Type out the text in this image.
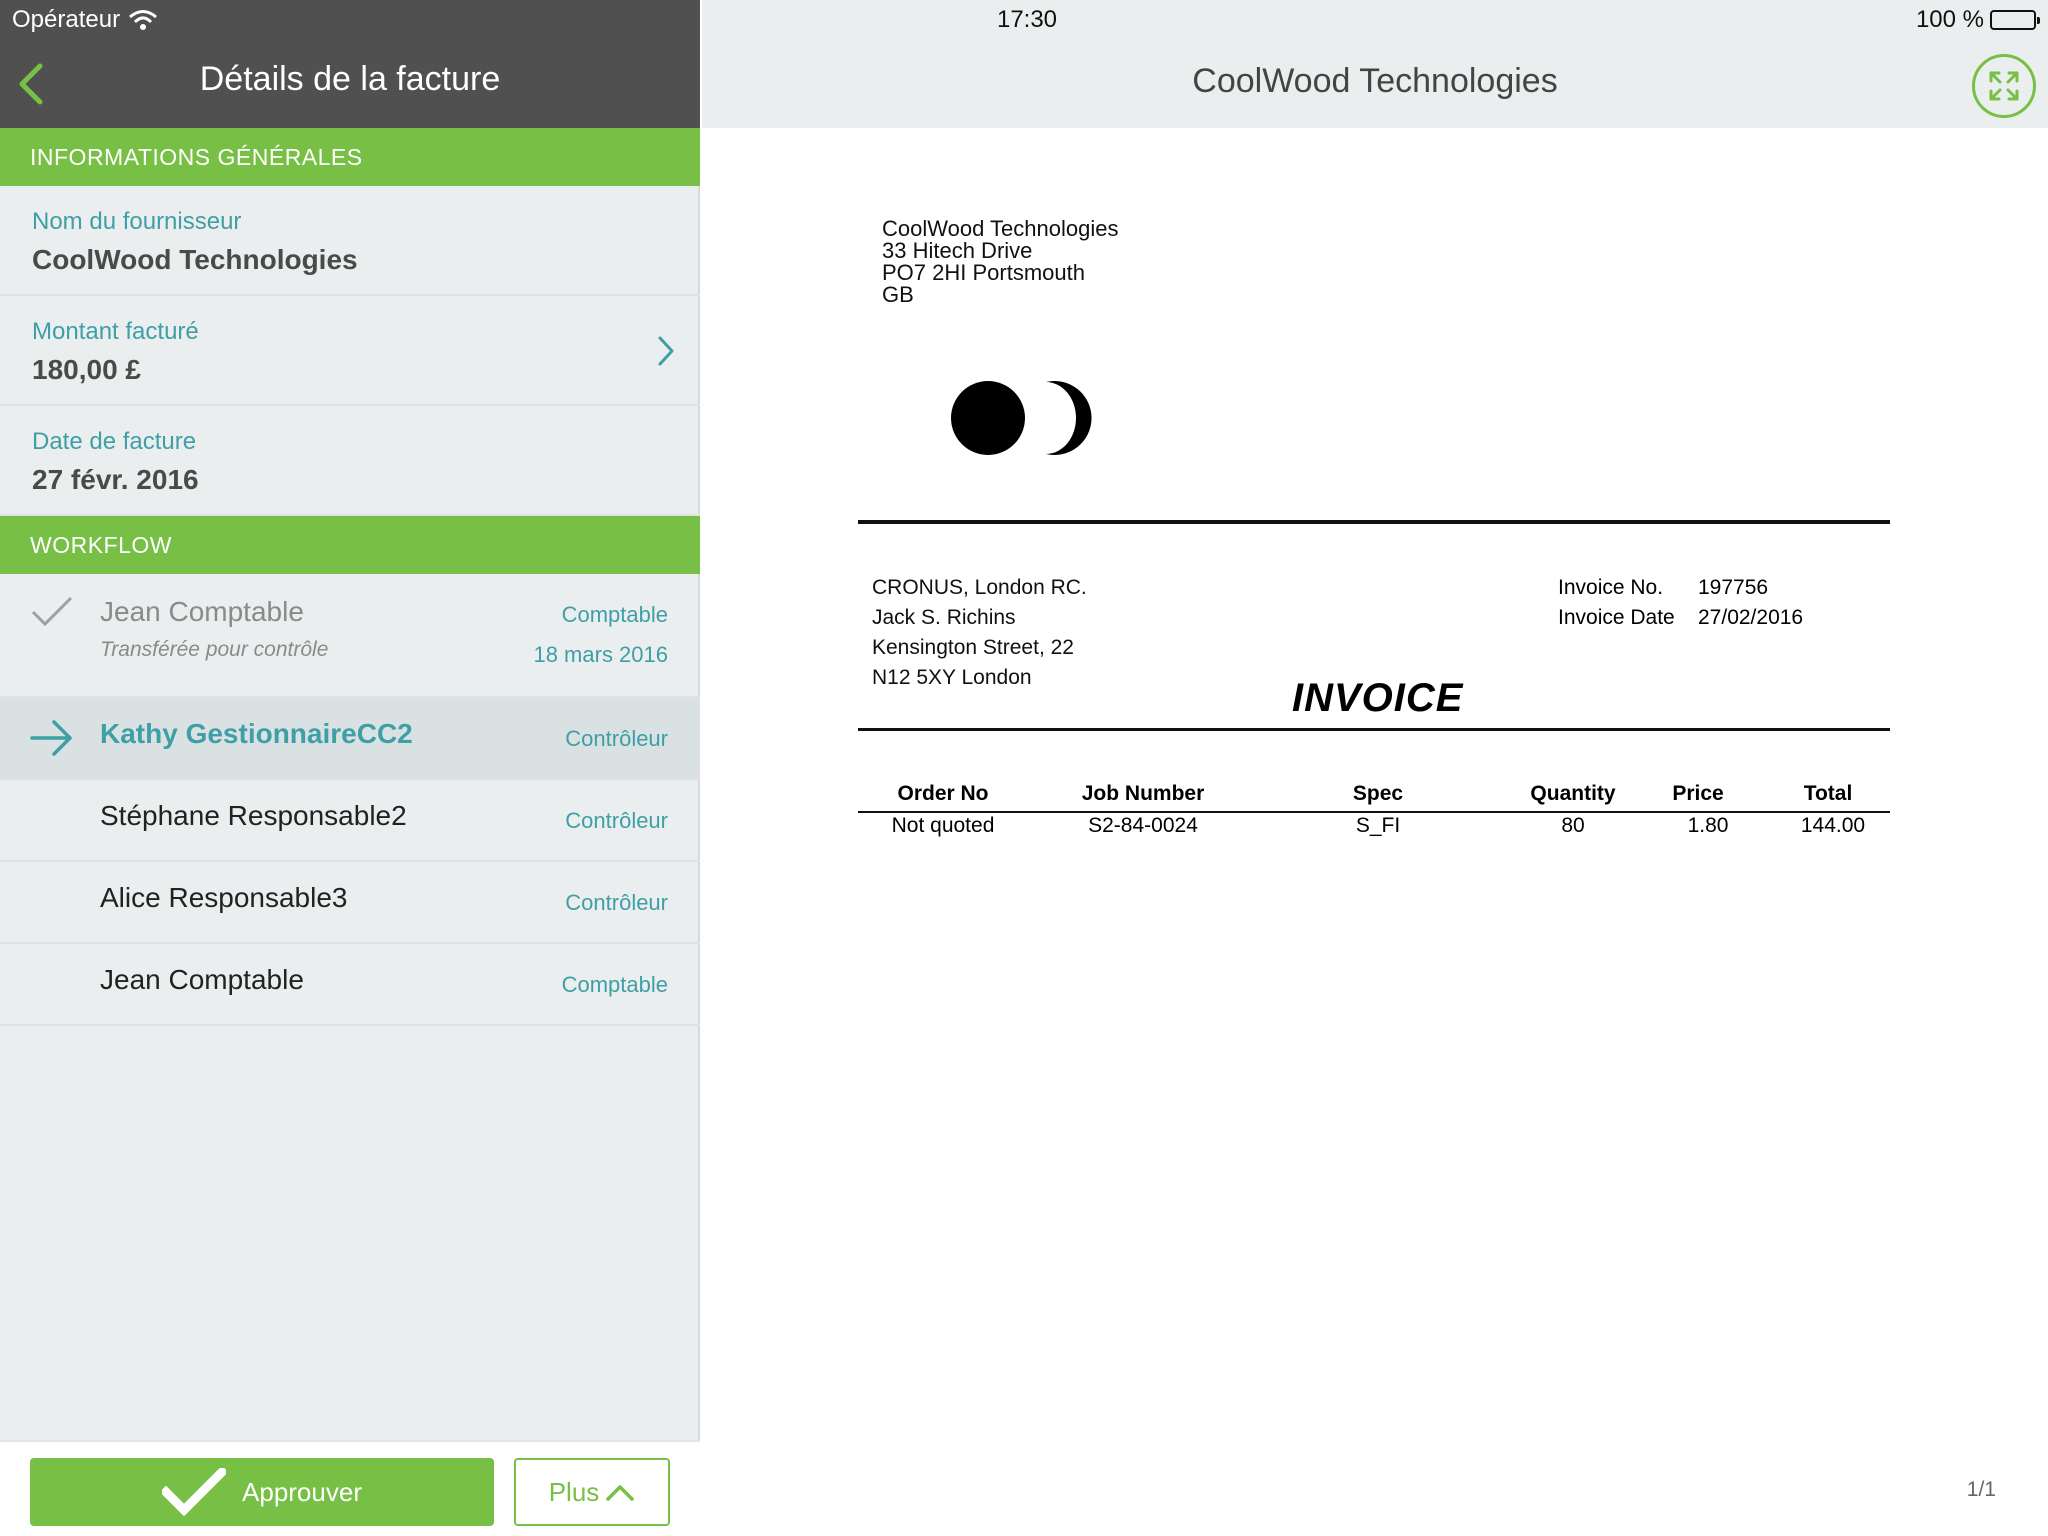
Opérateur
Détails de la facture
INFORMATIONS GÉNÉRALES
Nom du fournisseur
CoolWood Technologies
Montant facturé
180,00 £
Date de facture
27 févr. 2016
WORKFLOW
Jean Comptable	Comptable
Transférée pour contrôle	18 mars 2016
Kathy GestionnaireCC2	Contrôleur
Stéphane Responsable2	Contrôleur
Alice Responsable3	Contrôleur
Jean Comptable	Comptable
Approuver	Plus
17:30	100 %
CoolWood Technologies
CoolWood Technologies
33 Hitech Drive
PO7 2HI Portsmouth
GB
CRONUS, London RC.
Jack S. Richins
Kensington Street, 22
N12 5XY London
Invoice No.	197756
Invoice Date	27/02/2016
INVOICE
Order No	Job Number	Spec	Quantity	Price	Total
Not quoted	S2-84-0024	S_FI	80	1.80	144.00
1/1
